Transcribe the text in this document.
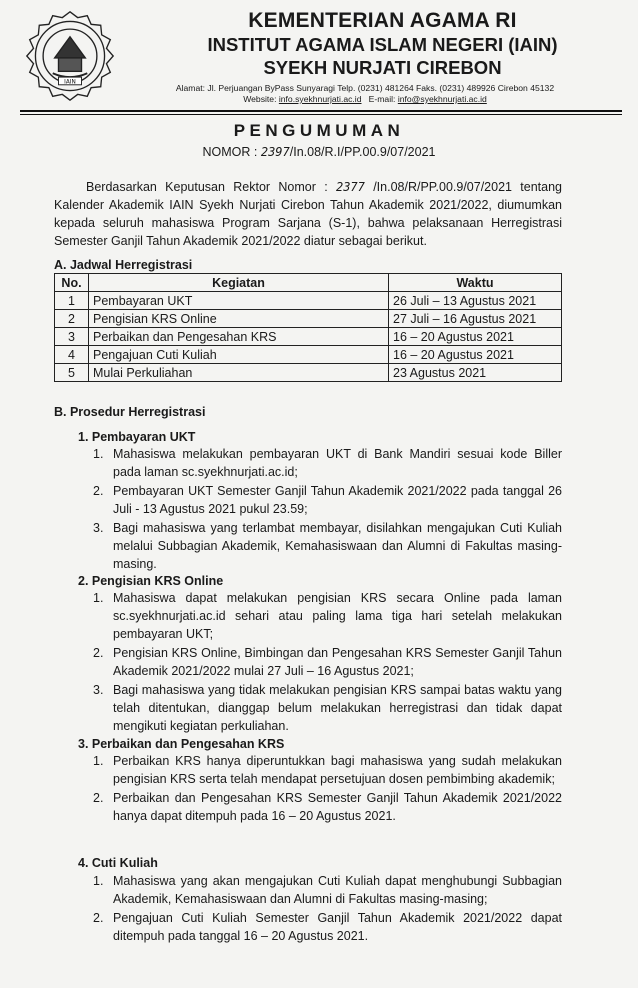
IAIN
KEMENTERIAN AGAMA RI
INSTITUT AGAMA ISLAM NEGERI (IAIN)
SYEKH NURJATI CIREBON
Alamat: Jl. Perjuangan ByPass Sunyaragi Telp. (0231) 481264 Faks. (0231) 489926 Cirebon 45132
Website: info.syekhnurjati.ac.id E-mail: info@syekhnurjati.ac.id
PENGUMUMAN
NOMOR : 2397/In.08/R.I/PP.00.9/07/2021

Berdasarkan Keputusan Rektor Nomor : 2377 /In.08/R/PP.00.9/07/2021 tentang Kalender Akademik IAIN Syekh Nurjati Cirebon Tahun Akademik 2021/2022, diumumkan kepada seluruh mahasiswa Program Sarjana (S-1), bahwa pelaksanaan Herregistrasi Semester Ganjil Tahun Akademik 2021/2022 diatur sebagai berikut.

A. Jadwal Herregistrasi
No.	Kegiatan	Waktu
1	Pembayaran UKT	26 Juli – 13 Agustus 2021
2	Pengisian KRS Online	27 Juli – 16 Agustus 2021
3	Perbaikan dan Pengesahan KRS	16 – 20 Agustus 2021
4	Pengajuan Cuti Kuliah	16 – 20 Agustus 2021
5	Mulai Perkuliahan	23 Agustus 2021
B. Prosedur Herregistrasi
1. Pembayaran UKT
1. Mahasiswa melakukan pembayaran UKT di Bank Mandiri sesuai kode Biller pada laman sc.syekhnurjati.ac.id;
2. Pembayaran UKT Semester Ganjil Tahun Akademik 2021/2022 pada tanggal 26 Juli - 13 Agustus 2021 pukul 23.59;
3. Bagi mahasiswa yang terlambat membayar, disilahkan mengajukan Cuti Kuliah melalui Subbagian Akademik, Kemahasiswaan dan Alumni di Fakultas masing-masing.
2. Pengisian KRS Online
1. Mahasiswa dapat melakukan pengisian KRS secara Online pada laman sc.syekhnurjati.ac.id sehari atau paling lama tiga hari setelah melakukan pembayaran UKT;
2. Pengisian KRS Online, Bimbingan dan Pengesahan KRS Semester Ganjil Tahun Akademik 2021/2022 mulai 27 Juli – 16 Agustus 2021;
3. Bagi mahasiswa yang tidak melakukan pengisian KRS sampai batas waktu yang telah ditentukan, dianggap belum melakukan herregistrasi dan tidak dapat mengikuti kegiatan perkuliahan.
3. Perbaikan dan Pengesahan KRS
1. Perbaikan KRS hanya diperuntukkan bagi mahasiswa yang sudah melakukan pengisian KRS serta telah mendapat persetujuan dosen pembimbing akademik;
2. Perbaikan dan Pengesahan KRS Semester Ganjil Tahun Akademik 2021/2022 hanya dapat ditempuh pada 16 – 20 Agustus 2021.
4. Cuti Kuliah
1. Mahasiswa yang akan mengajukan Cuti Kuliah dapat menghubungi Subbagian Akademik, Kemahasiswaan dan Alumni di Fakultas masing-masing;
2. Pengajuan Cuti Kuliah Semester Ganjil Tahun Akademik 2021/2022 dapat ditempuh pada tanggal 16 – 20 Agustus 2021.
